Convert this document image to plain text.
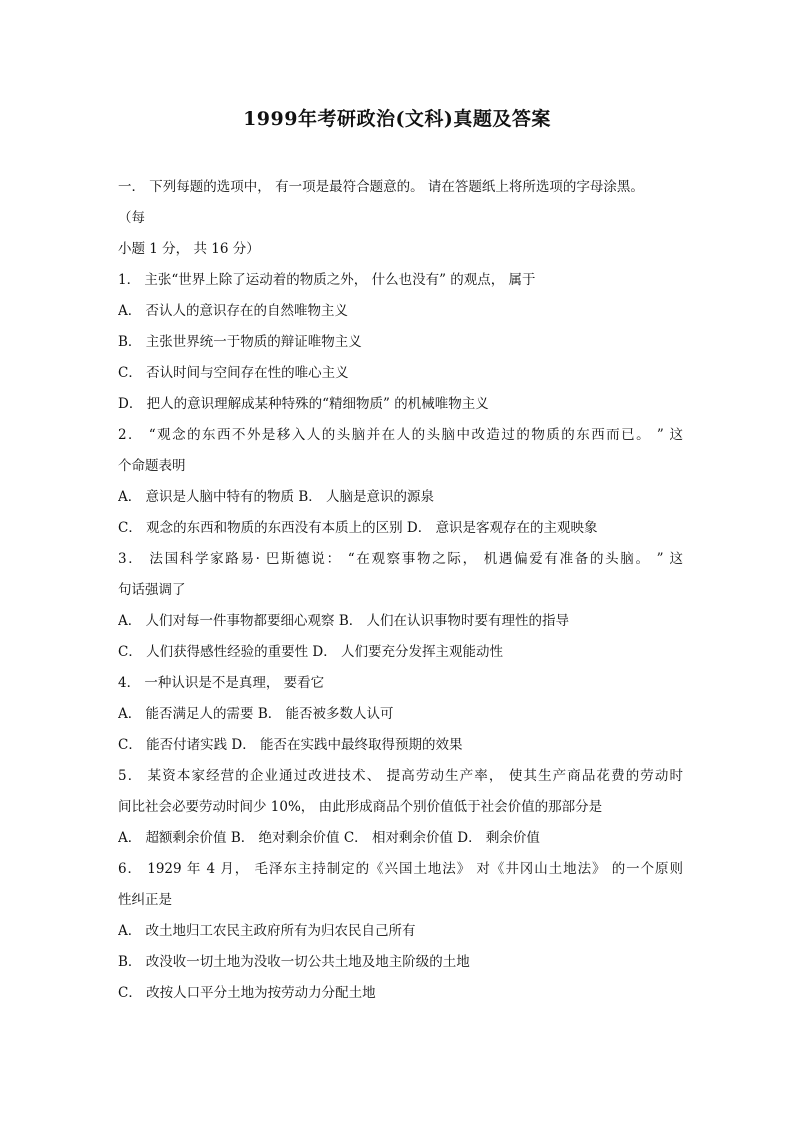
1999年考研政治(文科)真题及答案
一． 下列每题的选项中， 有一项是最符合题意的。 请在答题纸上将所选项的字母涂黑。
（每
小题 1 分， 共 16 分）
1． 主张“世界上除了运动着的物质之外， 什么也没有” 的观点， 属于
A． 否认人的意识存在的自然唯物主义
B． 主张世界统一于物质的辩证唯物主义
C． 否认时间与空间存在性的唯心主义
D． 把人的意识理解成某种特殊的“精细物质” 的机械唯物主义
2． “观念的东西不外是移入人的头脑并在人的头脑中改造过的物质的东西而已。 ” 这
个命题表明
A． 意识是人脑中特有的物质 B． 人脑是意识的源泉
C． 观念的东西和物质的东西没有本质上的区别 D． 意识是客观存在的主观映象
3． 法国科学家路易· 巴斯德说： “在观察事物之际， 机遇偏爱有准备的头脑。 ” 这
句话强调了
A． 人们对每一件事物都要细心观察 B． 人们在认识事物时要有理性的指导
C． 人们获得感性经验的重要性 D． 人们要充分发挥主观能动性
4． 一种认识是不是真理， 要看它
A． 能否满足人的需要 B． 能否被多数人认可
C． 能否付诸实践 D． 能否在实践中最终取得预期的效果
5． 某资本家经营的企业通过改进技术、 提高劳动生产率， 使其生产商品花费的劳动时
间比社会必要劳动时间少 10%， 由此形成商品个别价值低于社会价值的那部分是
A． 超额剩余价值 B． 绝对剩余价值 C． 相对剩余价值 D． 剩余价值
6． 1929 年 4 月， 毛泽东主持制定的《兴国土地法》 对《井冈山土地法》 的一个原则
性纠正是
A． 改土地归工农民主政府所有为归农民自己所有
B． 改没收一切土地为没收一切公共土地及地主阶级的土地
C． 改按人口平分土地为按劳动力分配土地
